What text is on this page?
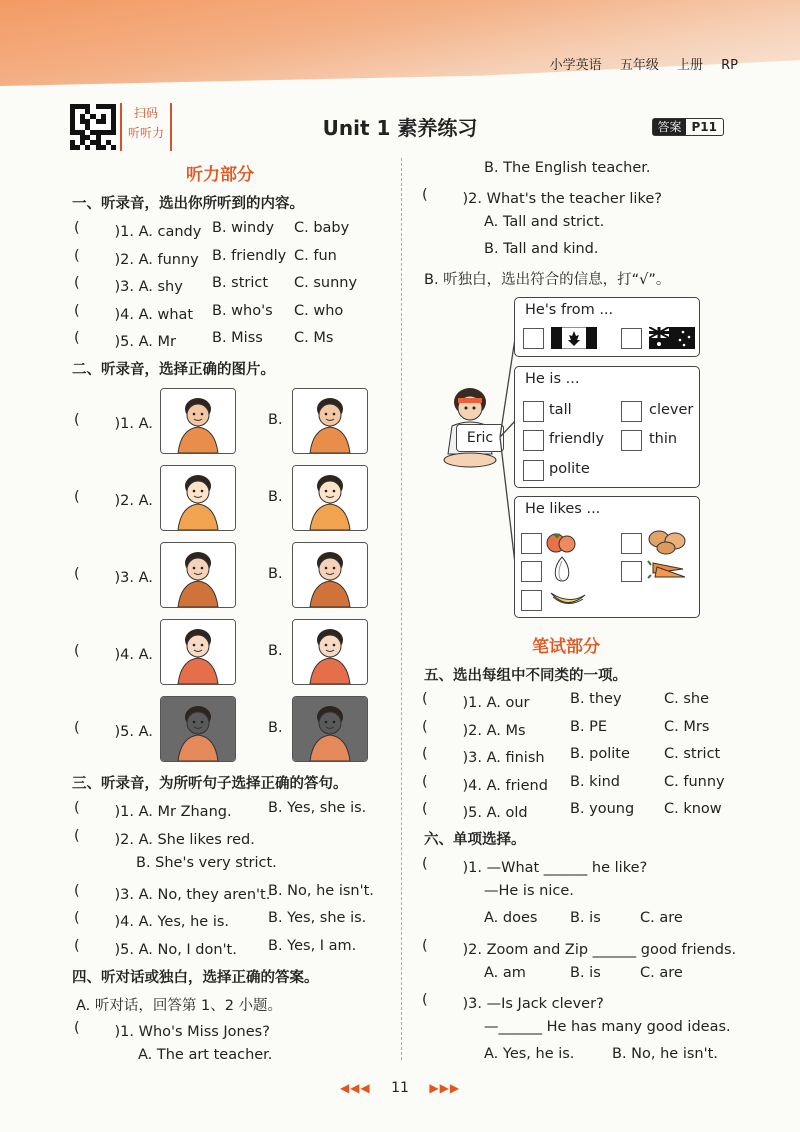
小学英语 五年级 上册 RP
扫码
听听力	Unit 1 素养练习	答案 P11
听力部分
一、听录音，选出你所听到的内容。
( 　)1. A. candy B. windy C. baby
( 　)2. A. funny B. friendly C. fun
( 　)3. A. shy B. strict C. sunny
( 　)4. A. what B. who's C. who
( 　)5. A. Mr B. Miss C. Ms
二、听录音，选择正确的图片。
( 　)1. A.	B.
( 　)2. A.	B.
( 　)3. A.	B.
( 　)4. A.	B.
( 　)5. A.	B.
三、听录音，为所听句子选择正确的答句。
( 　)1. A. Mr Zhang.	B. Yes, she is.
( 　)2. A. She likes red.
B. She's very strict.
( 　)3. A. No, they aren't.
B. No, he isn't.
( 　)4. A. Yes, he is.	B. Yes, she is.
( 　)5. A. No, I don't. B. Yes, I am.
四、听对话或独白，选择正确的答案。
A. 听对话，回答第 1、2 小题。
( 　)1. Who's Miss Jones?
A. The art teacher.
B. The English teacher.
( 　)2. What's the teacher like?
A. Tall and strict.
B. Tall and kind.
B. 听独白，选出符合的信息，打“√”。
Eric
He's from ...
He is ...
tall	clever
friendly	thin
polite
He likes ...
笔试部分
五、选出每组中不同类的一项。
( 　)1. A. our	B. they	C. she
( 　)2. A. Ms	B. PE	C. Mrs
( 　)3. A. finish B. polite C. strict
( 　)4. A. friend B. kind	C. funny
( 　)5. A. old	B. young C. know
六、单项选择。
( 　)1. —What ______ he like?
—He is nice.
A. does B. is	C. are
( 　)2. Zoom and Zip ______ good friends.
A. am	B. is	C. are
( 　)3. —Is Jack clever?
—______ He has many good ideas.
A. Yes, he is.	B. No, he isn't.
◀◀◀ 11 ▶▶▶
